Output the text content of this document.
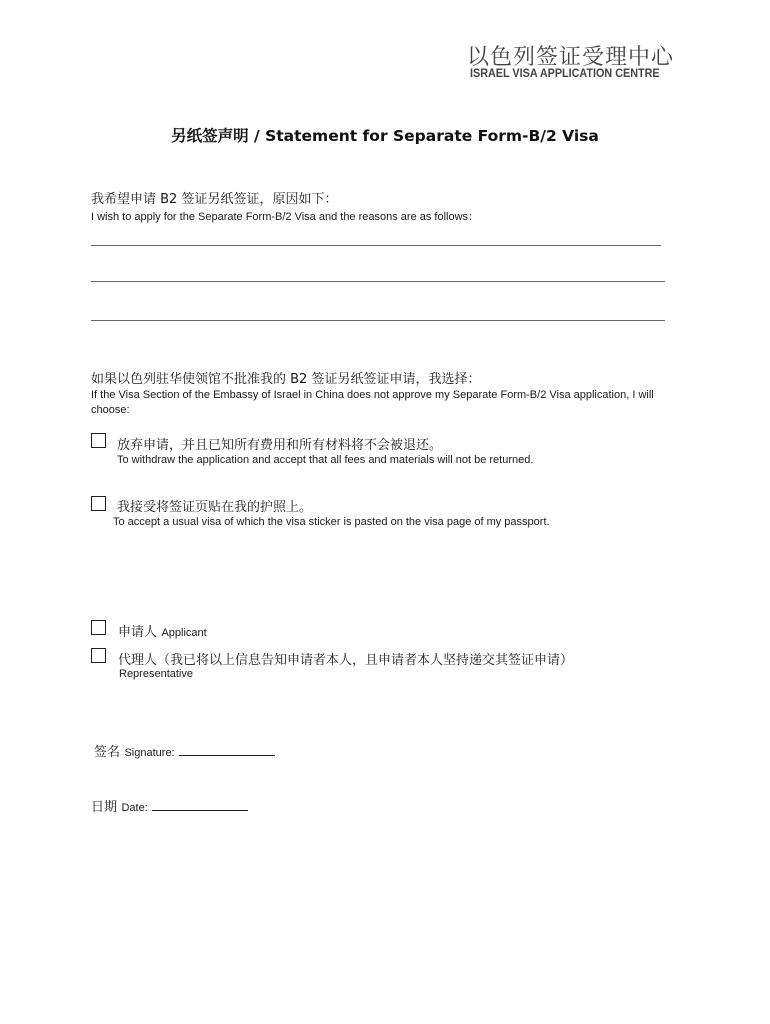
以色列签证受理中心
ISRAEL VISA APPLICATION CENTRE
另纸签声明 / Statement for Separate Form-B/2 Visa
我希望申请 B2 签证另纸签证，原因如下：
I wish to apply for the Separate Form-B/2 Visa and the reasons are as follows：
如果以色列驻华使领馆不批准我的 B2 签证另纸签证申请，我选择：
If the Visa Section of the Embassy of Israel in China does not approve my Separate Form-B/2 Visa application, I will choose:
放弃申请，并且已知所有费用和所有材料将不会被退还。
To withdraw the application and accept that all fees and materials will not be returned.
我接受将签证页贴在我的护照上。
To accept a usual visa of which the visa sticker is pasted on the visa page of my passport.
申请人 Applicant
代理人（我已将以上信息告知申请者本人，且申请者本人坚持递交其签证申请）
Representative
签名 Signature:
日期 Date:
